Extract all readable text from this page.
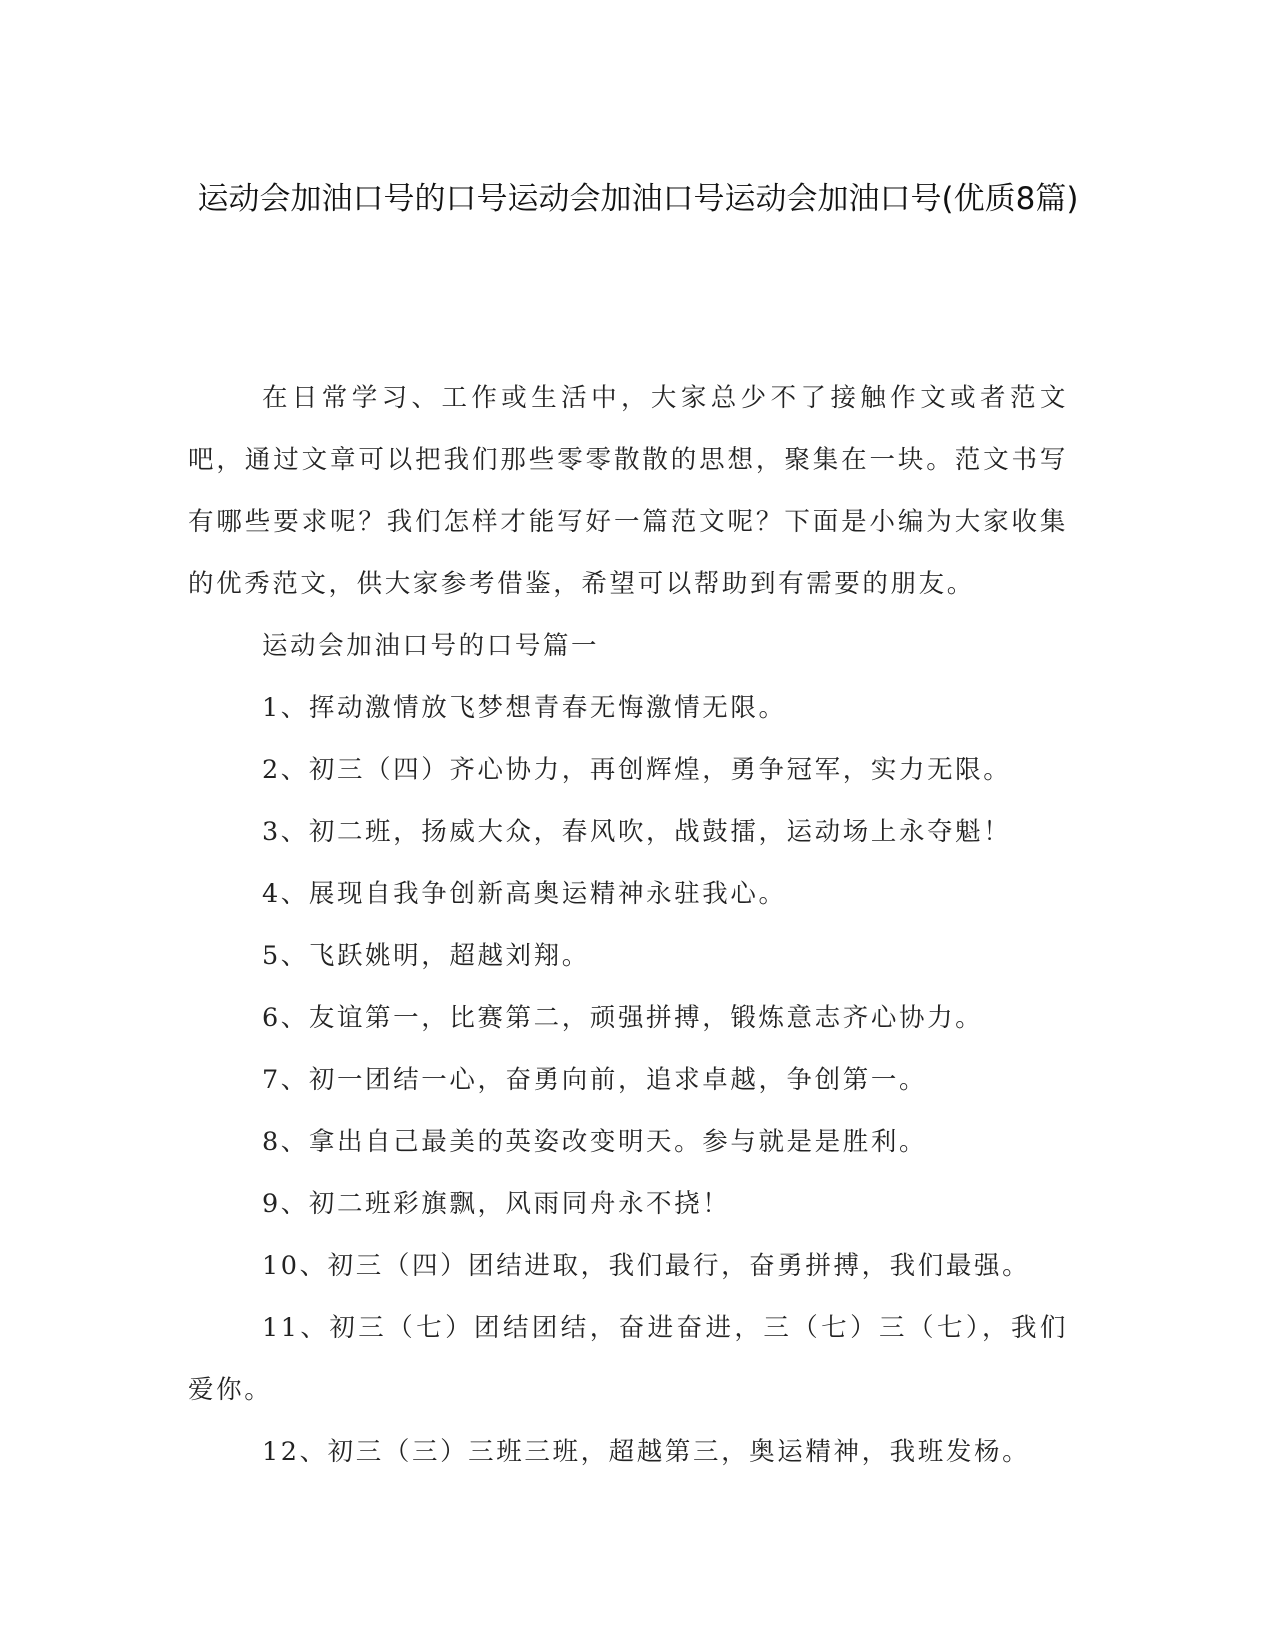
运动会加油口号的口号运动会加油口号运动会加油口号(优质8篇)

在日常学习、工作或生活中，大家总少不了接触作文或者范文吧，通过文章可以把我们那些零零散散的思想，聚集在一块。范文书写有哪些要求呢？我们怎样才能写好一篇范文呢？下面是小编为大家收集的优秀范文，供大家参考借鉴，希望可以帮助到有需要的朋友。

运动会加油口号的口号篇一

1、挥动激情放飞梦想青春无悔激情无限。

2、初三（四）齐心协力，再创辉煌，勇争冠军，实力无限。

3、初二班，扬威大众，春风吹，战鼓擂，运动场上永夺魁！

4、展现自我争创新高奥运精神永驻我心。

5、飞跃姚明，超越刘翔。

6、友谊第一，比赛第二，顽强拼搏，锻炼意志齐心协力。

7、初一团结一心，奋勇向前，追求卓越，争创第一。

8、拿出自己最美的英姿改变明天。参与就是是胜利。

9、初二班彩旗飘，风雨同舟永不挠！

10、初三（四）团结进取，我们最行，奋勇拼搏，我们最强。

11、初三（七）团结团结，奋进奋进，三（七）三（七），我们爱你。

12、初三（三）三班三班，超越第三，奥运精神，我班发杨。
